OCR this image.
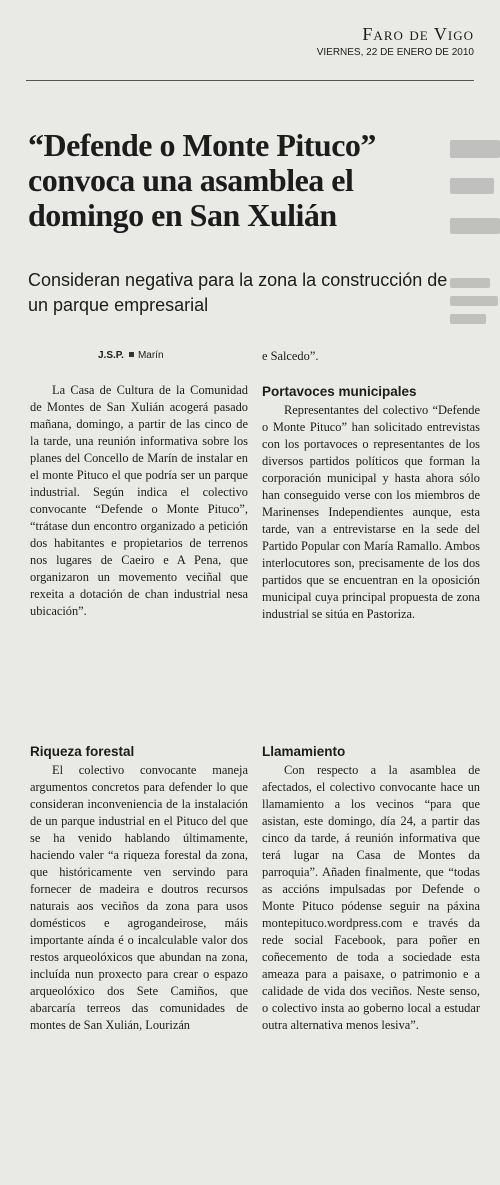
Faro de Vigo
VIERNES, 22 DE ENERO DE 2010
“Defende o Monte Pituco” convoca una asamblea el domingo en San Xulián
Consideran negativa para la zona la construcción de un parque empresarial
J.S.P. Marín

La Casa de Cultura de la Comunidad de Montes de San Xulián acogerá pasado mañana, domingo, a partir de las cinco de la tarde, una reunión informativa sobre los planes del Concello de Marín de instalar en el monte Pituco el que podría ser un parque industrial. Según indica el colectivo convocante “Defende o Monte Pituco”, “trátase dun encontro organizado a petición dos habitantes e propietarios de terrenos nos lugares de Caeiro e A Pena, que organizaron un movemento veciñal que rexeita a dotación de chan industrial nesa ubicación”.

Riqueza forestal

El colectivo convocante maneja argumentos concretos para defender lo que consideran inconveniencia de la instalación de un parque industrial en el Pituco del que se ha venido hablando últimamente, haciendo valer “a riqueza forestal da zona, que históricamente ven servindo para fornecer de madeira e doutros recursos naturais aos veciños da zona para usos domésticos e agrogandeirose, máis importante aínda é o incalculable valor dos restos arqueolóxicos que abundan na zona, incluída nun proxecto para crear o espazo arqueolóxico dos Sete Camiños, que abarcaría terreos das comunidades de montes de San Xulián, Lourizán

e Salcedo”.

Portavoces municipales

Representantes del colectivo “Defende o Monte Pituco” han solicitado entrevistas con los portavoces o representantes de los diversos partidos políticos que forman la corporación municipal y hasta ahora sólo han conseguido verse con los miembros de Marinenses Independientes aunque, esta tarde, van a entrevistarse en la sede del Partido Popular con María Ramallo. Ambos interlocutores son, precisamente de los dos partidos que se encuentran en la oposición municipal cuya principal propuesta de zona industrial se sitúa en Pastoriza.

Llamamiento

Con respecto a la asamblea de afectados, el colectivo convocante hace un llamamiento a los vecinos “para que asistan, este domingo, día 24, a partir das cinco da tarde, á reunión informativa que terá lugar na Casa de Montes da parroquia”. Añaden finalmente, que “todas as accións impulsadas por Defende o Monte Pituco pódense seguir na páxina montepituco.wordpress.com e través da rede social Facebook, para poñer en coñecemento de toda a sociedade esta ameaza para a paisaxe, o patrimonio e a calidade de vida dos veciños. Neste senso, o colectivo insta ao goberno local a estudar outra alternativa menos lesiva”.
